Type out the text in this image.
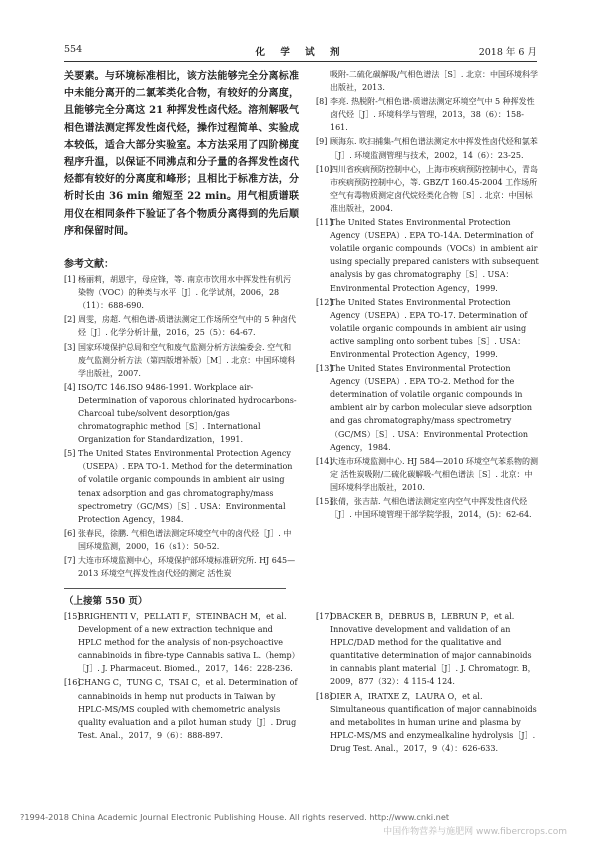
554	化 学 试 剂	2018 年 6 月

关要素。与环境标准相比，该方法能够完全分离标准中未能分离开的二氯苯类化合物，有较好的分离度，且能够完全分离这 21 种挥发性卤代烃。溶剂解吸气相色谱法测定挥发性卤代烃，操作过程简单、实验成本较低，适合大部分实验室。本方法采用了四阶梯度程序升温，以保证不同沸点和分子量的各挥发性卤代烃都有较好的分离度和峰形；且相比于标准方法，分析时长由 36 min 缩短至 22 min。用气相质谱联用仪在相同条件下验证了各个物质分离得到的先后顺序和保留时间。

参考文献：
[1] 杨丽莉，胡恩宇，母应锋，等. 南京市饮用水中挥发性有机污染物（VOC）的种类与水平［J］. 化学试剂，2006，28（11）：688-690.
[2] 周雯，房超. 气相色谱-质谱法测定工作场所空气中的 5 种卤代烃［J］. 化学分析计量，2016，25（5）：64-67.
[3] 国家环境保护总局和空气和废气监测分析方法编委会. 空气和废气监测分析方法（第四版增补版）［M］. 北京：中国环境科学出版社，2007.
[4] ISO/TC 146.ISO 9486-1991. Workplace air-Determination of vaporous chlorinated hydrocarbons-Charcoal tube/solvent desorption/gas chromatographic method［S］. International Organization for Standardization，1991.
[5] The United States Environmental Protection Agency（USEPA）. EPA TO-1. Method for the determination of volatile organic compounds in ambient air using tenax adsorption and gas chromatography/mass spectrometry（GC/MS）［S］. USA：Environmental Protection Agency，1984.
[6] 张春民，徐鹏. 气相色谱法测定环境空气中的卤代烃［J］. 中国环境监测，2000，16（s1）：50-52.
[7] 大连市环境监测中心，环境保护部环境标准研究所. HJ 645—2013 环境空气挥发性卤代烃的测定 活性炭
吸附-二硫化碳解吸/气相色谱法［S］. 北京：中国环境科学出版社，2013.
[8] 李亮. 热脱附-气相色谱-质谱法测定环境空气中 5 种挥发性卤代烃［J］. 环境科学与管理，2013，38（6）：158-161.
[9] 顾海东. 吹扫捕集-气相色谱法测定水中挥发性卤代烃和氯苯［J］. 环境监测管理与技术，2002，14（6）：23-25.
[10]
四川省疾病预防控制中心，上海市疾病预防控制中心，青岛市疾病预防控制中心，等. GBZ/T 160.45-2004 工作场所空气有毒物质测定卤代烷烃类化合物［S］. 北京：中国标准出版社，2004.
[11]
The United States Environmental Protection Agency（USEPA）. EPA TO-14A. Determination of volatile organic compounds（VOCs）in ambient air using specially prepared canisters with subsequent analysis by gas chromatography［S］. USA：Environmental Protection Agency，1999.
[12]
The United States Environmental Protection Agency（USEPA）. EPA TO-17. Determination of volatile organic compounds in ambient air using active sampling onto sorbent tubes［S］. USA：Environmental Protection Agency，1999.
[13]
The United States Environmental Protection Agency（USEPA）. EPA TO-2. Method for the determination of volatile organic compounds in ambient air by carbon molecular sieve adsorption and gas chromatography/mass spectrometry（GC/MS）［S］. USA：Environmental Protection Agency，1984.
[14]
大连市环境监测中心. HJ 584—2010 环境空气苯系物的测定 活性炭吸附/二硫化碳解吸-气相色谱法［S］. 北京：中国环境科学出版社，2010.
[15]
张倩，张吉喆. 气相色谱法测定室内空气中挥发性卤代烃［J］. 中国环境管理干部学院学报，2014，(5)：62-64.
（上接第 550 页）
[15]
BRIGHENTI V，PELLATI F，STEINBACH M，et al. Development of a new extraction technique and HPLC method for the analysis of non-psychoactive cannabinoids in fibre-type Cannabis sativa L.（hemp）［J］. J. Pharmaceut. Biomed.，2017，146：228-236.
[16]
CHANG C，TUNG C，TSAI C，et al. Determination of cannabinoids in hemp nut products in Taiwan by HPLC-MS/MS coupled with chemometric analysis quality evaluation and a pilot human study［J］. Drug Test. Anal.，2017，9（6）：888-897.
[17]
DBACKER B，DEBRUS B，LEBRUN P，et al. Innovative development and validation of an HPLC/DAD method for the qualitative and quantitative determination of major cannabinoids in cannabis plant material［J］. J. Chromatogr. B，2009，877（32）：4 115-4 124.
[18]
OIER A，IRATXE Z，LAURA O，et al. Simultaneous quantification of major cannabinoids and metabolites in human urine and plasma by HPLC-MS/MS and enzymealkaline hydrolysis［J］. Drug Test. Anal.，2017，9（4）：626-633.
?1994-2018 China Academic Journal Electronic Publishing House. All rights reserved. http://www.cnki.net
中国作物营养与施肥网 www.fibercrops.com
